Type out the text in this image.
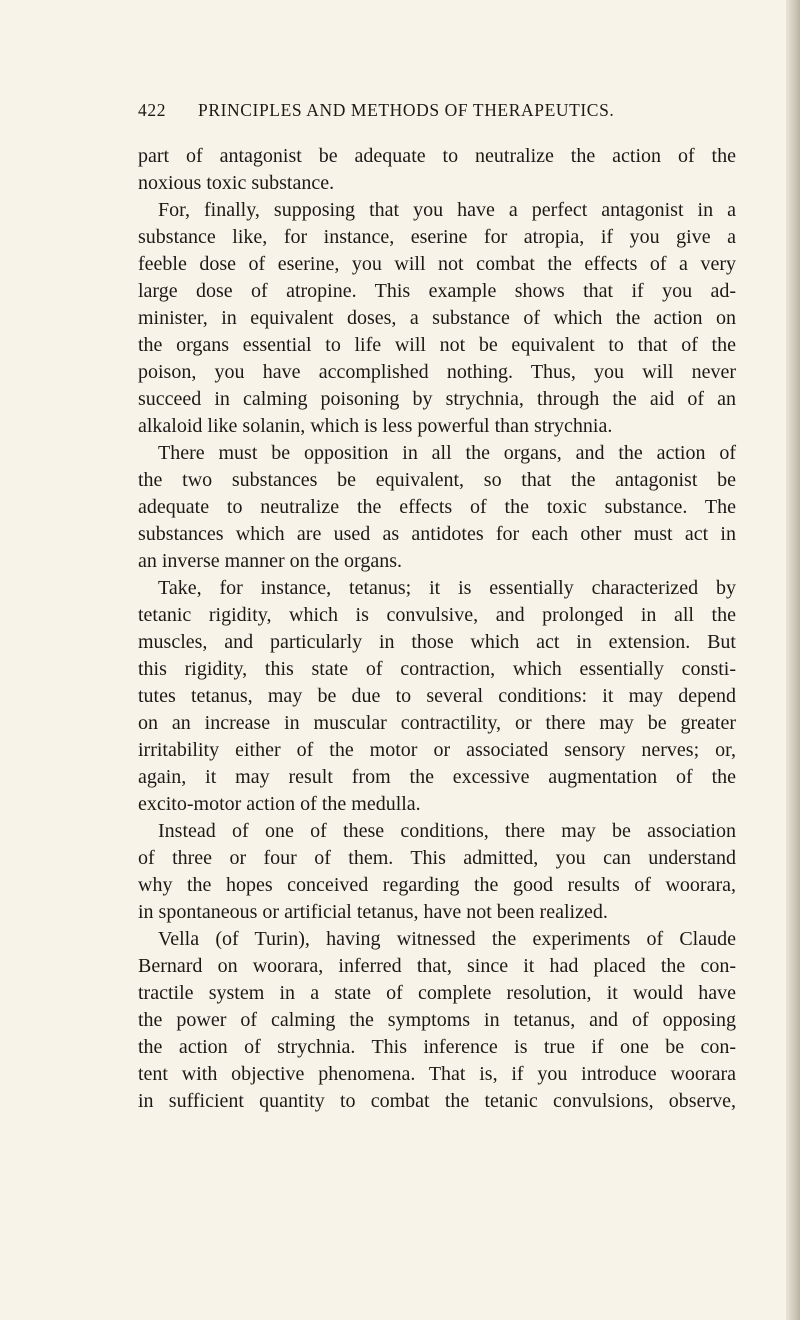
422 PRINCIPLES AND METHODS OF THERAPEUTICS.
part of antagonist be adequate to neutralize the action of the
noxious toxic substance.
For, finally, supposing that you have a perfect antagonist in a
substance like, for instance, eserine for atropia, if you give a
feeble dose of eserine, you will not combat the effects of a very
large dose of atropine. This example shows that if you ad-
minister, in equivalent doses, a substance of which the action on
the organs essential to life will not be equivalent to that of the
poison, you have accomplished nothing. Thus, you will never
succeed in calming poisoning by strychnia, through the aid of an
alkaloid like solanin, which is less powerful than strychnia.
There must be opposition in all the organs, and the action of
the two substances be equivalent, so that the antagonist be
adequate to neutralize the effects of the toxic substance. The
substances which are used as antidotes for each other must act in
an inverse manner on the organs.
Take, for instance, tetanus; it is essentially characterized by
tetanic rigidity, which is convulsive, and prolonged in all the
muscles, and particularly in those which act in extension. But
this rigidity, this state of contraction, which essentially consti-
tutes tetanus, may be due to several conditions: it may depend
on an increase in muscular contractility, or there may be greater
irritability either of the motor or associated sensory nerves; or,
again, it may result from the excessive augmentation of the
excito-motor action of the medulla.
Instead of one of these conditions, there may be association
of three or four of them. This admitted, you can understand
why the hopes conceived regarding the good results of woorara,
in spontaneous or artificial tetanus, have not been realized.
Vella (of Turin), having witnessed the experiments of Claude
Bernard on woorara, inferred that, since it had placed the con-
tractile system in a state of complete resolution, it would have
the power of calming the symptoms in tetanus, and of opposing
the action of strychnia. This inference is true if one be con-
tent with objective phenomena. That is, if you introduce woorara
in sufficient quantity to combat the tetanic convulsions, observe,
